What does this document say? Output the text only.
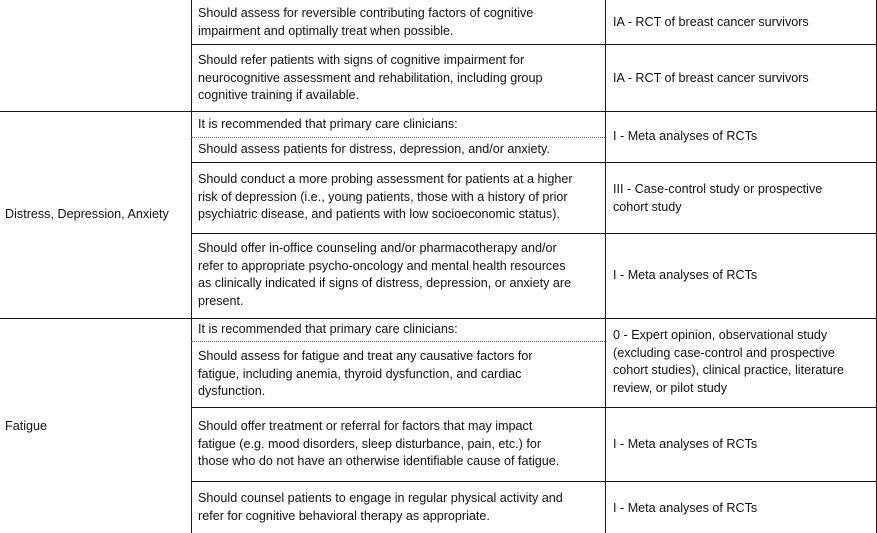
Should assess for reversible contributing factors of cognitive
impairment and optimally treat when possible.
IA - RCT of breast cancer survivors
Should refer patients with signs of cognitive impairment for
neurocognitive assessment and rehabilitation, including group
cognitive training if available.
IA - RCT of breast cancer survivors
Distress, Depression, Anxiety
It is recommended that primary care clinicians:
Should assess patients for distress, depression, and/or anxiety.
I - Meta analyses of RCTs
Should conduct a more probing assessment for patients at a higher
risk of depression (i.e., young patients, those with a history of prior
psychiatric disease, and patients with low socioeconomic status).
III - Case-control study or prospective
cohort study
Should offer in-office counseling and/or pharmacotherapy and/or
refer to appropriate psycho-oncology and mental health resources
as clinically indicated if signs of distress, depression, or anxiety are
present.
I - Meta analyses of RCTs
Fatigue
It is recommended that primary care clinicians:
Should assess for fatigue and treat any causative factors for
fatigue, including anemia, thyroid dysfunction, and cardiac
dysfunction.
0 - Expert opinion, observational study
(excluding case-control and prospective
cohort studies), clinical practice, literature
review, or pilot study
Should offer treatment or referral for factors that may impact
fatigue (e.g. mood disorders, sleep disturbance, pain, etc.) for
those who do not have an otherwise identifiable cause of fatigue.
I - Meta analyses of RCTs
Should counsel patients to engage in regular physical activity and
refer for cognitive behavioral therapy as appropriate.
I - Meta analyses of RCTs
